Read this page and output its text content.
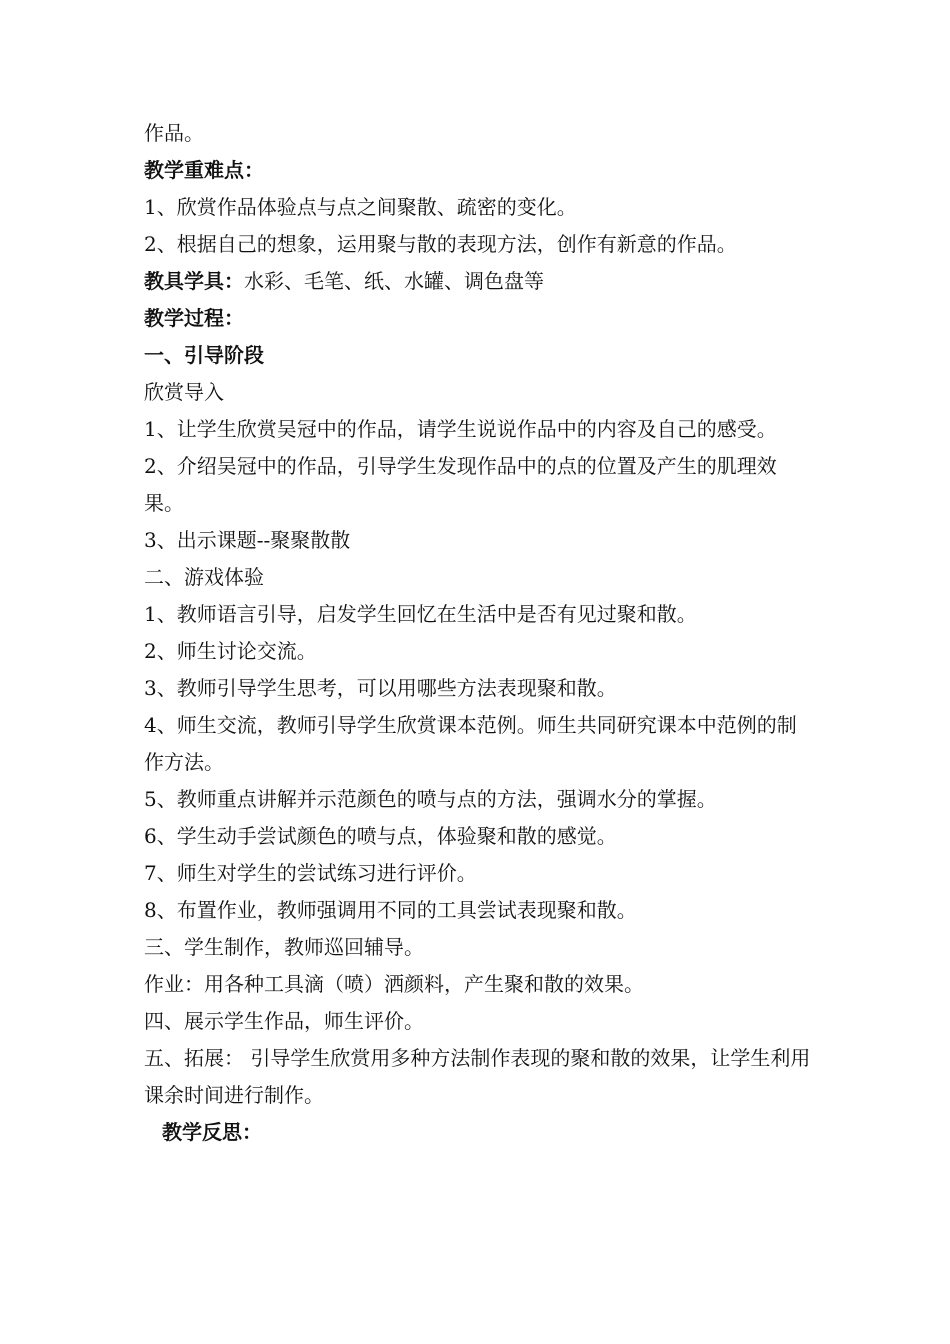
作品。

教学重难点：

1、欣赏作品体验点与点之间聚散、疏密的变化。

2、根据自己的想象，运用聚与散的表现方法，创作有新意的作品。

教具学具：水彩、毛笔、纸、水罐、调色盘等

教学过程：

一、引导阶段

欣赏导入

1、让学生欣赏吴冠中的作品，请学生说说作品中的内容及自己的感受。

2、介绍吴冠中的作品，引导学生发现作品中的点的位置及产生的肌理效果。

3、出示课题--聚聚散散

二、游戏体验

1、教师语言引导，启发学生回忆在生活中是否有见过聚和散。

2、师生讨论交流。

3、教师引导学生思考，可以用哪些方法表现聚和散。

4、师生交流，教师引导学生欣赏课本范例。师生共同研究课本中范例的制作方法。

5、教师重点讲解并示范颜色的喷与点的方法，强调水分的掌握。

6、学生动手尝试颜色的喷与点，体验聚和散的感觉。

7、师生对学生的尝试练习进行评价。

8、布置作业，教师强调用不同的工具尝试表现聚和散。

三、学生制作，教师巡回辅导。

作业：用各种工具滴（喷）洒颜料，产生聚和散的效果。

四、展示学生作品，师生评价。

五、拓展： 引导学生欣赏用多种方法制作表现的聚和散的效果，让学生利用课余时间进行制作。

教学反思：
